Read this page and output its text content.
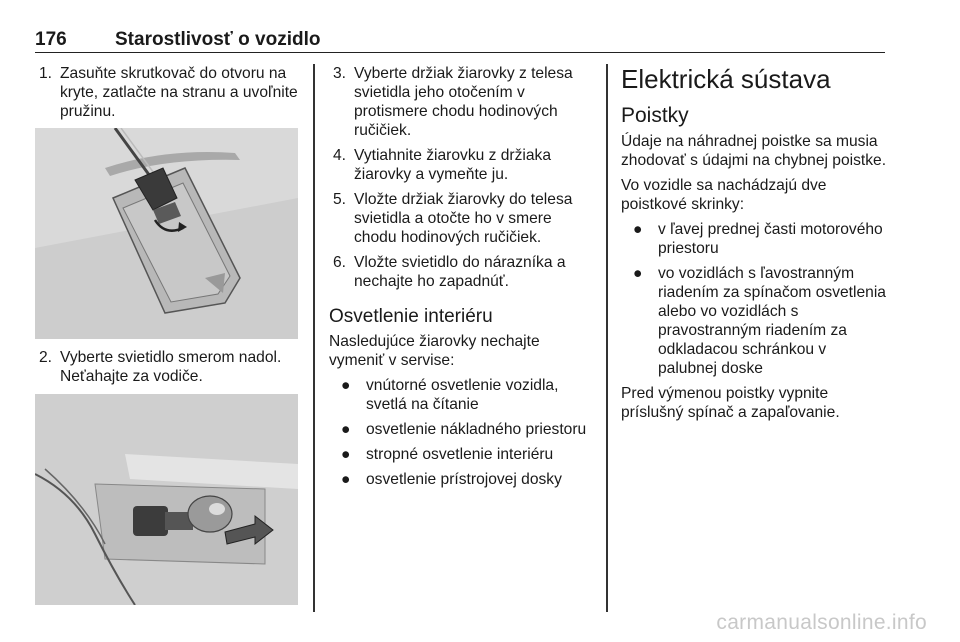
176	Starostlivosť o vozidlo
1. Zasuňte skrutkovač do otvoru na kryte, zatlačte na stranu a uvoľnite pružinu.
2. Vyberte svietidlo smerom nadol. Neťahajte za vodiče.
3. Vyberte držiak žiarovky z telesa svietidla jeho otočením v protismere chodu hodinových ručičiek.
4. Vytiahnite žiarovku z držiaka žiarovky a vymeňte ju.
5. Vložte držiak žiarovky do telesa svietidla a otočte ho v smere chodu hodinových ručičiek.
6. Vložte svietidlo do nárazníka a nechajte ho zapadnúť.
Osvetlenie interiéru
Nasledujúce žiarovky nechajte vymeniť v servise:
● vnútorné osvetlenie vozidla, svetlá na čítanie
● osvetlenie nákladného priestoru
● stropné osvetlenie interiéru
● osvetlenie prístrojovej dosky
Elektrická sústava
Poistky
Údaje na náhradnej poistke sa musia zhodovať s údajmi na chybnej poistke.
Vo vozidle sa nachádzajú dve poistkové skrinky:
● v ľavej prednej časti motorového priestoru
● vo vozidlách s ľavostranným riadením za spínačom osvetlenia alebo vo vozidlách s pravostranným riadením za odkladacou schránkou v palubnej doske
Pred výmenou poistky vypnite príslušný spínač a zapaľovanie.
carmanualsonline.info
